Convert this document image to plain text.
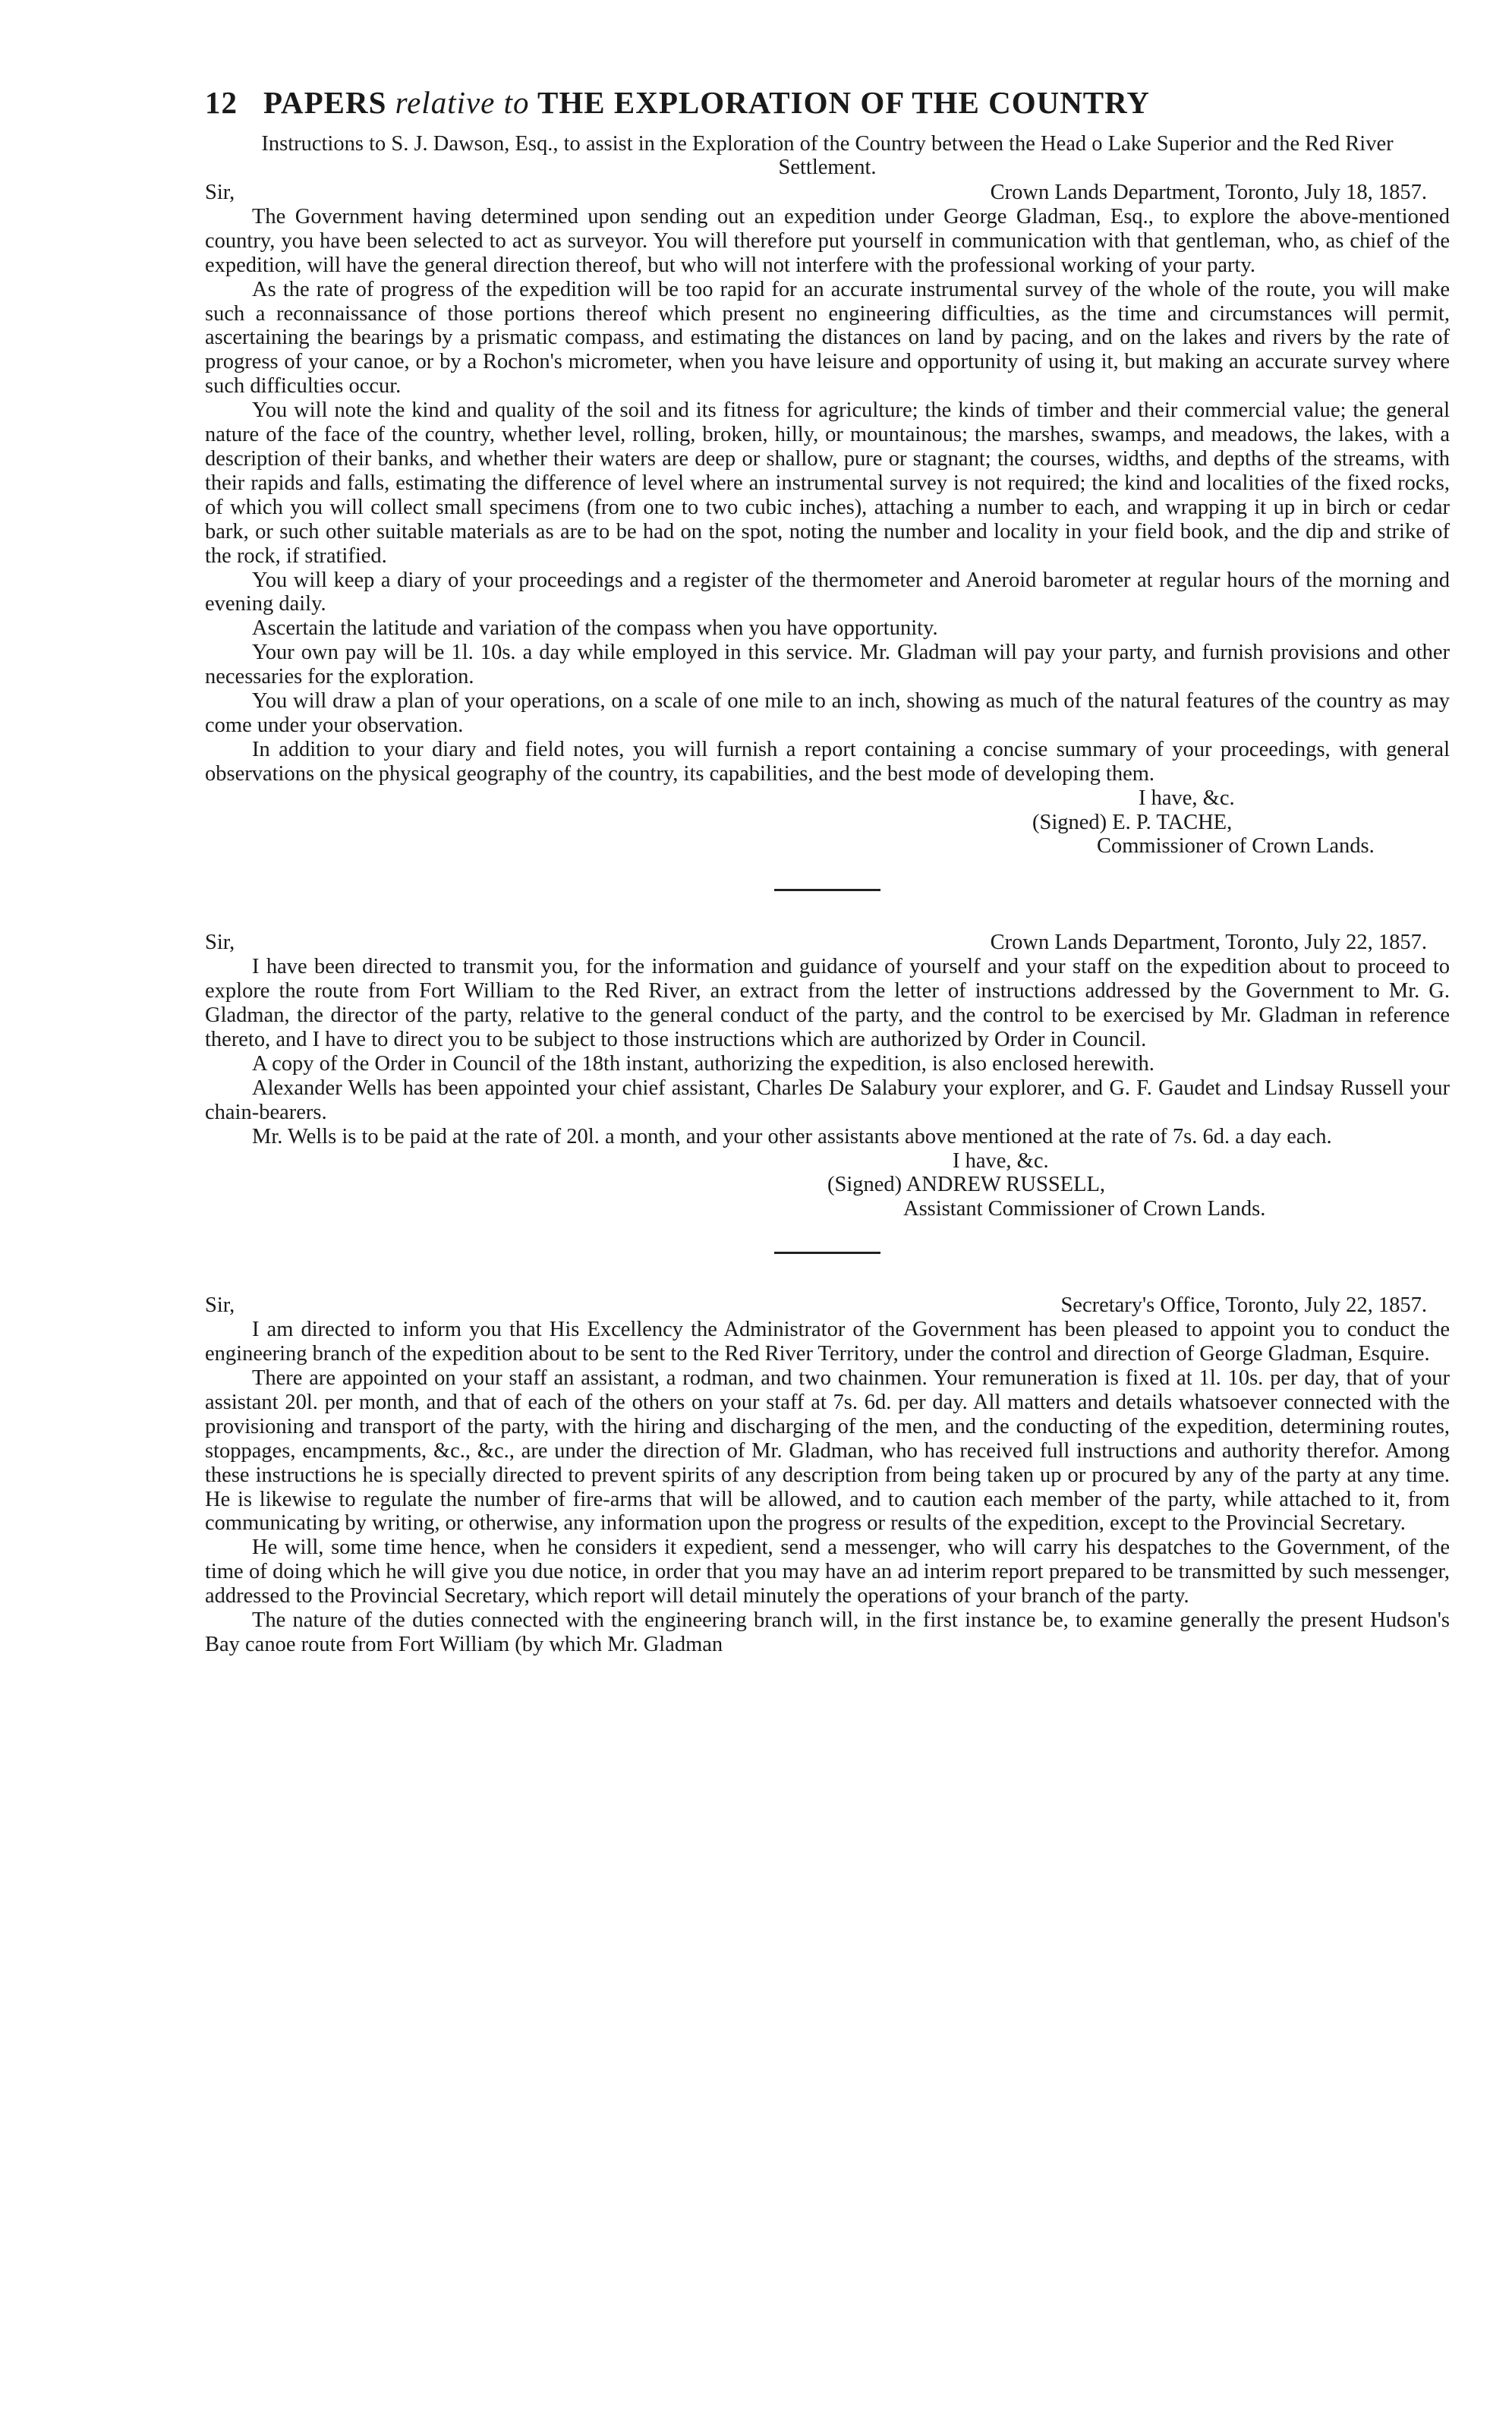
12 PAPERS relative to THE EXPLORATION OF THE COUNTRY
Instructions to S. J. Dawson, Esq., to assist in the Exploration of the Country between the Head o Lake Superior and the Red River Settlement.
Sir,	Crown Lands Department, Toronto, July 18, 1857.

The Government having determined upon sending out an expedition under George Gladman, Esq., to explore the above-mentioned country, you have been selected to act as surveyor. You will therefore put yourself in communication with that gentleman, who, as chief of the expedition, will have the general direction thereof, but who will not interfere with the professional working of your party.

As the rate of progress of the expedition will be too rapid for an accurate instrumental survey of the whole of the route, you will make such a reconnaissance of those portions thereof which present no engineering difficulties, as the time and circumstances will permit, ascertaining the bearings by a prismatic compass, and estimating the distances on land by pacing, and on the lakes and rivers by the rate of progress of your canoe, or by a Rochon's micrometer, when you have leisure and opportunity of using it, but making an accurate survey where such difficulties occur.

You will note the kind and quality of the soil and its fitness for agriculture; the kinds of timber and their commercial value; the general nature of the face of the country, whether level, rolling, broken, hilly, or mountainous; the marshes, swamps, and meadows, the lakes, with a description of their banks, and whether their waters are deep or shallow, pure or stagnant; the courses, widths, and depths of the streams, with their rapids and falls, estimating the difference of level where an instrumental survey is not required; the kind and localities of the fixed rocks, of which you will collect small specimens (from one to two cubic inches), attaching a number to each, and wrapping it up in birch or cedar bark, or such other suitable materials as are to be had on the spot, noting the number and locality in your field book, and the dip and strike of the rock, if stratified.

You will keep a diary of your proceedings and a register of the thermometer and Aneroid barometer at regular hours of the morning and evening daily.

Ascertain the latitude and variation of the compass when you have opportunity.

Your own pay will be 1l. 10s. a day while employed in this service. Mr. Gladman will pay your party, and furnish provisions and other necessaries for the exploration.

You will draw a plan of your operations, on a scale of one mile to an inch, showing as much of the natural features of the country as may come under your observation.

In addition to your diary and field notes, you will furnish a report containing a concise summary of your proceedings, with general observations on the physical geography of the country, its capabilities, and the best mode of developing them.

I have, &c.
(Signed) E. P. TACHE,
Commissioner of Crown Lands.
Sir,	Crown Lands Department, Toronto, July 22, 1857.

I have been directed to transmit you, for the information and guidance of yourself and your staff on the expedition about to proceed to explore the route from Fort William to the Red River, an extract from the letter of instructions addressed by the Government to Mr. G. Gladman, the director of the party, relative to the general conduct of the party, and the control to be exercised by Mr. Gladman in reference thereto, and I have to direct you to be subject to those instructions which are authorized by Order in Council.

A copy of the Order in Council of the 18th instant, authorizing the expedition, is also enclosed herewith.

Alexander Wells has been appointed your chief assistant, Charles De Salabury your explorer, and G. F. Gaudet and Lindsay Russell your chain-bearers.

Mr. Wells is to be paid at the rate of 20l. a month, and your other assistants above mentioned at the rate of 7s. 6d. a day each.

I have, &c.
(Signed) ANDREW RUSSELL,
Assistant Commissioner of Crown Lands.
Sir,	Secretary's Office, Toronto, July 22, 1857.

I am directed to inform you that His Excellency the Administrator of the Government has been pleased to appoint you to conduct the engineering branch of the expedition about to be sent to the Red River Territory, under the control and direction of George Gladman, Esquire.

There are appointed on your staff an assistant, a rodman, and two chainmen. Your remuneration is fixed at 1l. 10s. per day, that of your assistant 20l. per month, and that of each of the others on your staff at 7s. 6d. per day. All matters and details whatsoever connected with the provisioning and transport of the party, with the hiring and discharging of the men, and the conducting of the expedition, determining routes, stoppages, encampments, &c., &c., are under the direction of Mr. Gladman, who has received full instructions and authority therefor. Among these instructions he is specially directed to prevent spirits of any description from being taken up or procured by any of the party at any time. He is likewise to regulate the number of fire-arms that will be allowed, and to caution each member of the party, while attached to it, from communicating by writing, or otherwise, any information upon the progress or results of the expedition, except to the Provincial Secretary.

He will, some time hence, when he considers it expedient, send a messenger, who will carry his despatches to the Government, of the time of doing which he will give you due notice, in order that you may have an ad interim report prepared to be transmitted by such messenger, addressed to the Provincial Secretary, which report will detail minutely the operations of your branch of the party.

The nature of the duties connected with the engineering branch will, in the first instance be, to examine generally the present Hudson's Bay canoe route from Fort William (by which Mr. Gladman
